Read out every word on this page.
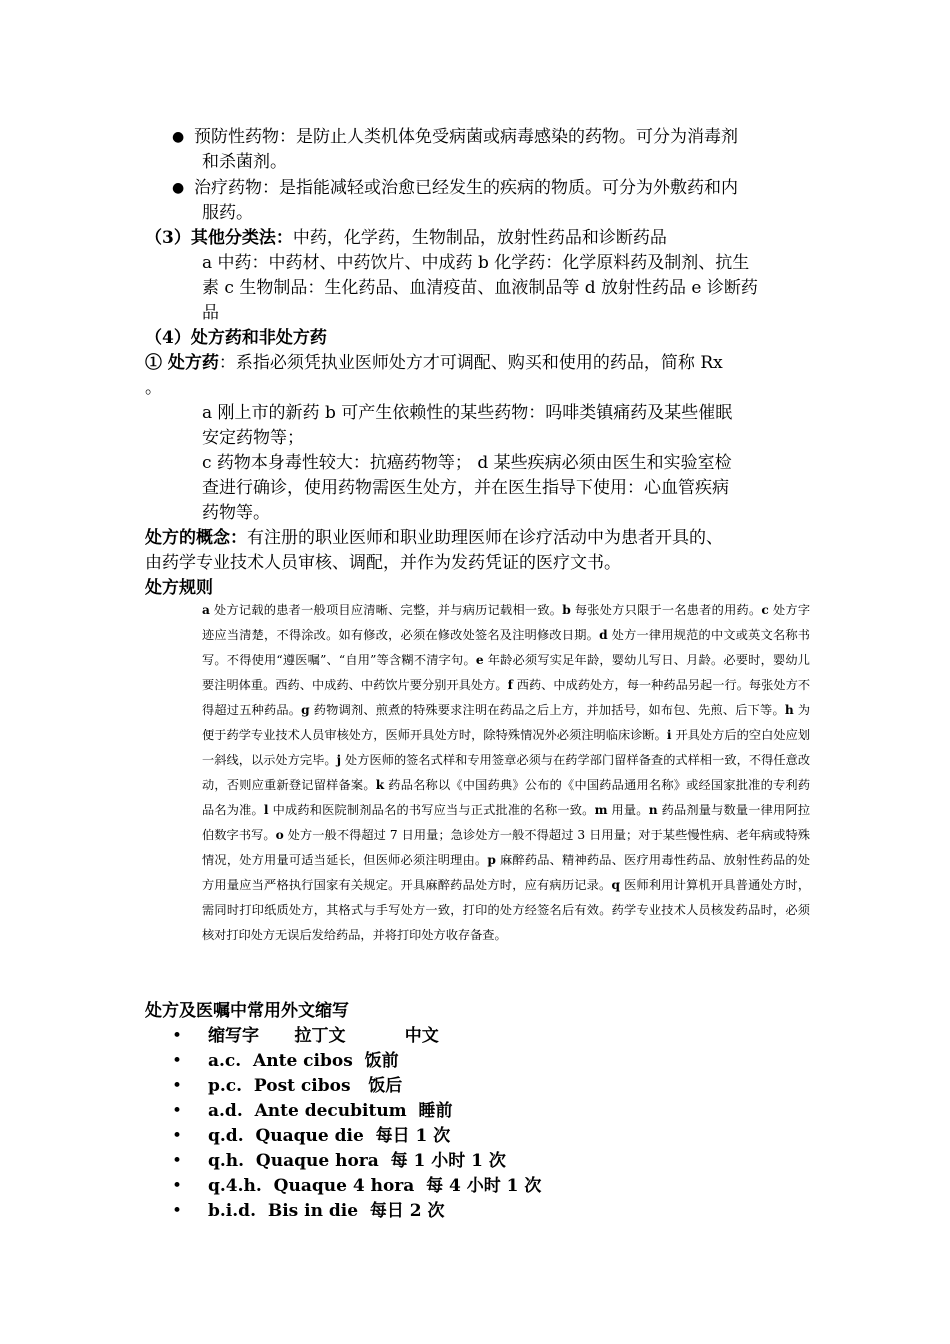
● 预防性药物：是防止人类机体免受病菌或病毒感染的药物。可分为消毒剂
和杀菌剂。
● 治疗药物：是指能减轻或治愈已经发生的疾病的物质。可分为外敷药和内
服药。
（3）其他分类法：中药，化学药，生物制品，放射性药品和诊断药品
a 中药：中药材、中药饮片、中成药 b 化学药：化学原料药及制剂、抗生
素 c 生物制品：生化药品、血清疫苗、血液制品等 d 放射性药品 e 诊断药
品
（4）处方药和非处方药
① 处方药：系指必须凭执业医师处方才可调配、购买和使用的药品，简称 Rx
。
a 刚上市的新药 b 可产生依赖性的某些药物：吗啡类镇痛药及某些催眠
安定药物等；
c 药物本身毒性较大：抗癌药物等； d 某些疾病必须由医生和实验室检
查进行确诊，使用药物需医生处方，并在医生指导下使用：心血管疾病
药物等。
处方的概念：有注册的职业医师和职业助理医师在诊疗活动中为患者开具的、
由药学专业技术人员审核、调配，并作为发药凭证的医疗文书。
处方规则
a 处方记载的患者一般项目应清晰、完整，并与病历记载相一致。b 每张处方只限于一名患者的用药。c 处方字迹应当清楚，不得涂改。如有修改，必须在修改处签名及注明修改日期。d 处方一律用规范的中文或英文名称书写。不得使用“遵医嘱”、“自用”等含糊不清字句。e 年龄必须写实足年龄，婴幼儿写日、月龄。必要时，婴幼儿要注明体重。西药、中成药、中药饮片要分别开具处方。f 西药、中成药处方，每一种药品另起一行。每张处方不得超过五种药品。g 药物调剂、煎煮的特殊要求注明在药品之后上方，并加括号，如布包、先煎、后下等。h 为便于药学专业技术人员审核处方，医师开具处方时，除特殊情况外必须注明临床诊断。i 开具处方后的空白处应划一斜线，以示处方完毕。j 处方医师的签名式样和专用签章必须与在药学部门留样备查的式样相一致，不得任意改动，否则应重新登记留样备案。k 药品名称以《中国药典》公布的《中国药品通用名称》或经国家批准的专利药品名为准。l 中成药和医院制剂品名的书写应当与正式批准的名称一致。m 用量。n 药品剂量与数量一律用阿拉伯数字书写。o 处方一般不得超过 7 日用量；急诊处方一般不得超过 3 日用量；对于某些慢性病、老年病或特殊情况，处方用量可适当延长，但医师必须注明理由。p 麻醉药品、精神药品、医疗用毒性药品、放射性药品的处方用量应当严格执行国家有关规定。开具麻醉药品处方时，应有病历记录。q 医师利用计算机开具普通处方时，需同时打印纸质处方，其格式与手写处方一致，打印的处方经签名后有效。药学专业技术人员核发药品时，必须核对打印处方无误后发给药品，并将打印处方收存备查。
处方及医嘱中常用外文缩写
• 缩写字      拉丁文          中文
• a.c.  Ante cibos  饭前
• p.c.  Post cibos   饭后
• a.d.  Ante decubitum  睡前
• q.d.  Quaque die  每日 1 次
• q.h.  Quaque hora  每 1 小时 1 次
• q.4.h.  Quaque 4 hora  每 4 小时 1 次
• b.i.d.  Bis in die  每日 2 次
